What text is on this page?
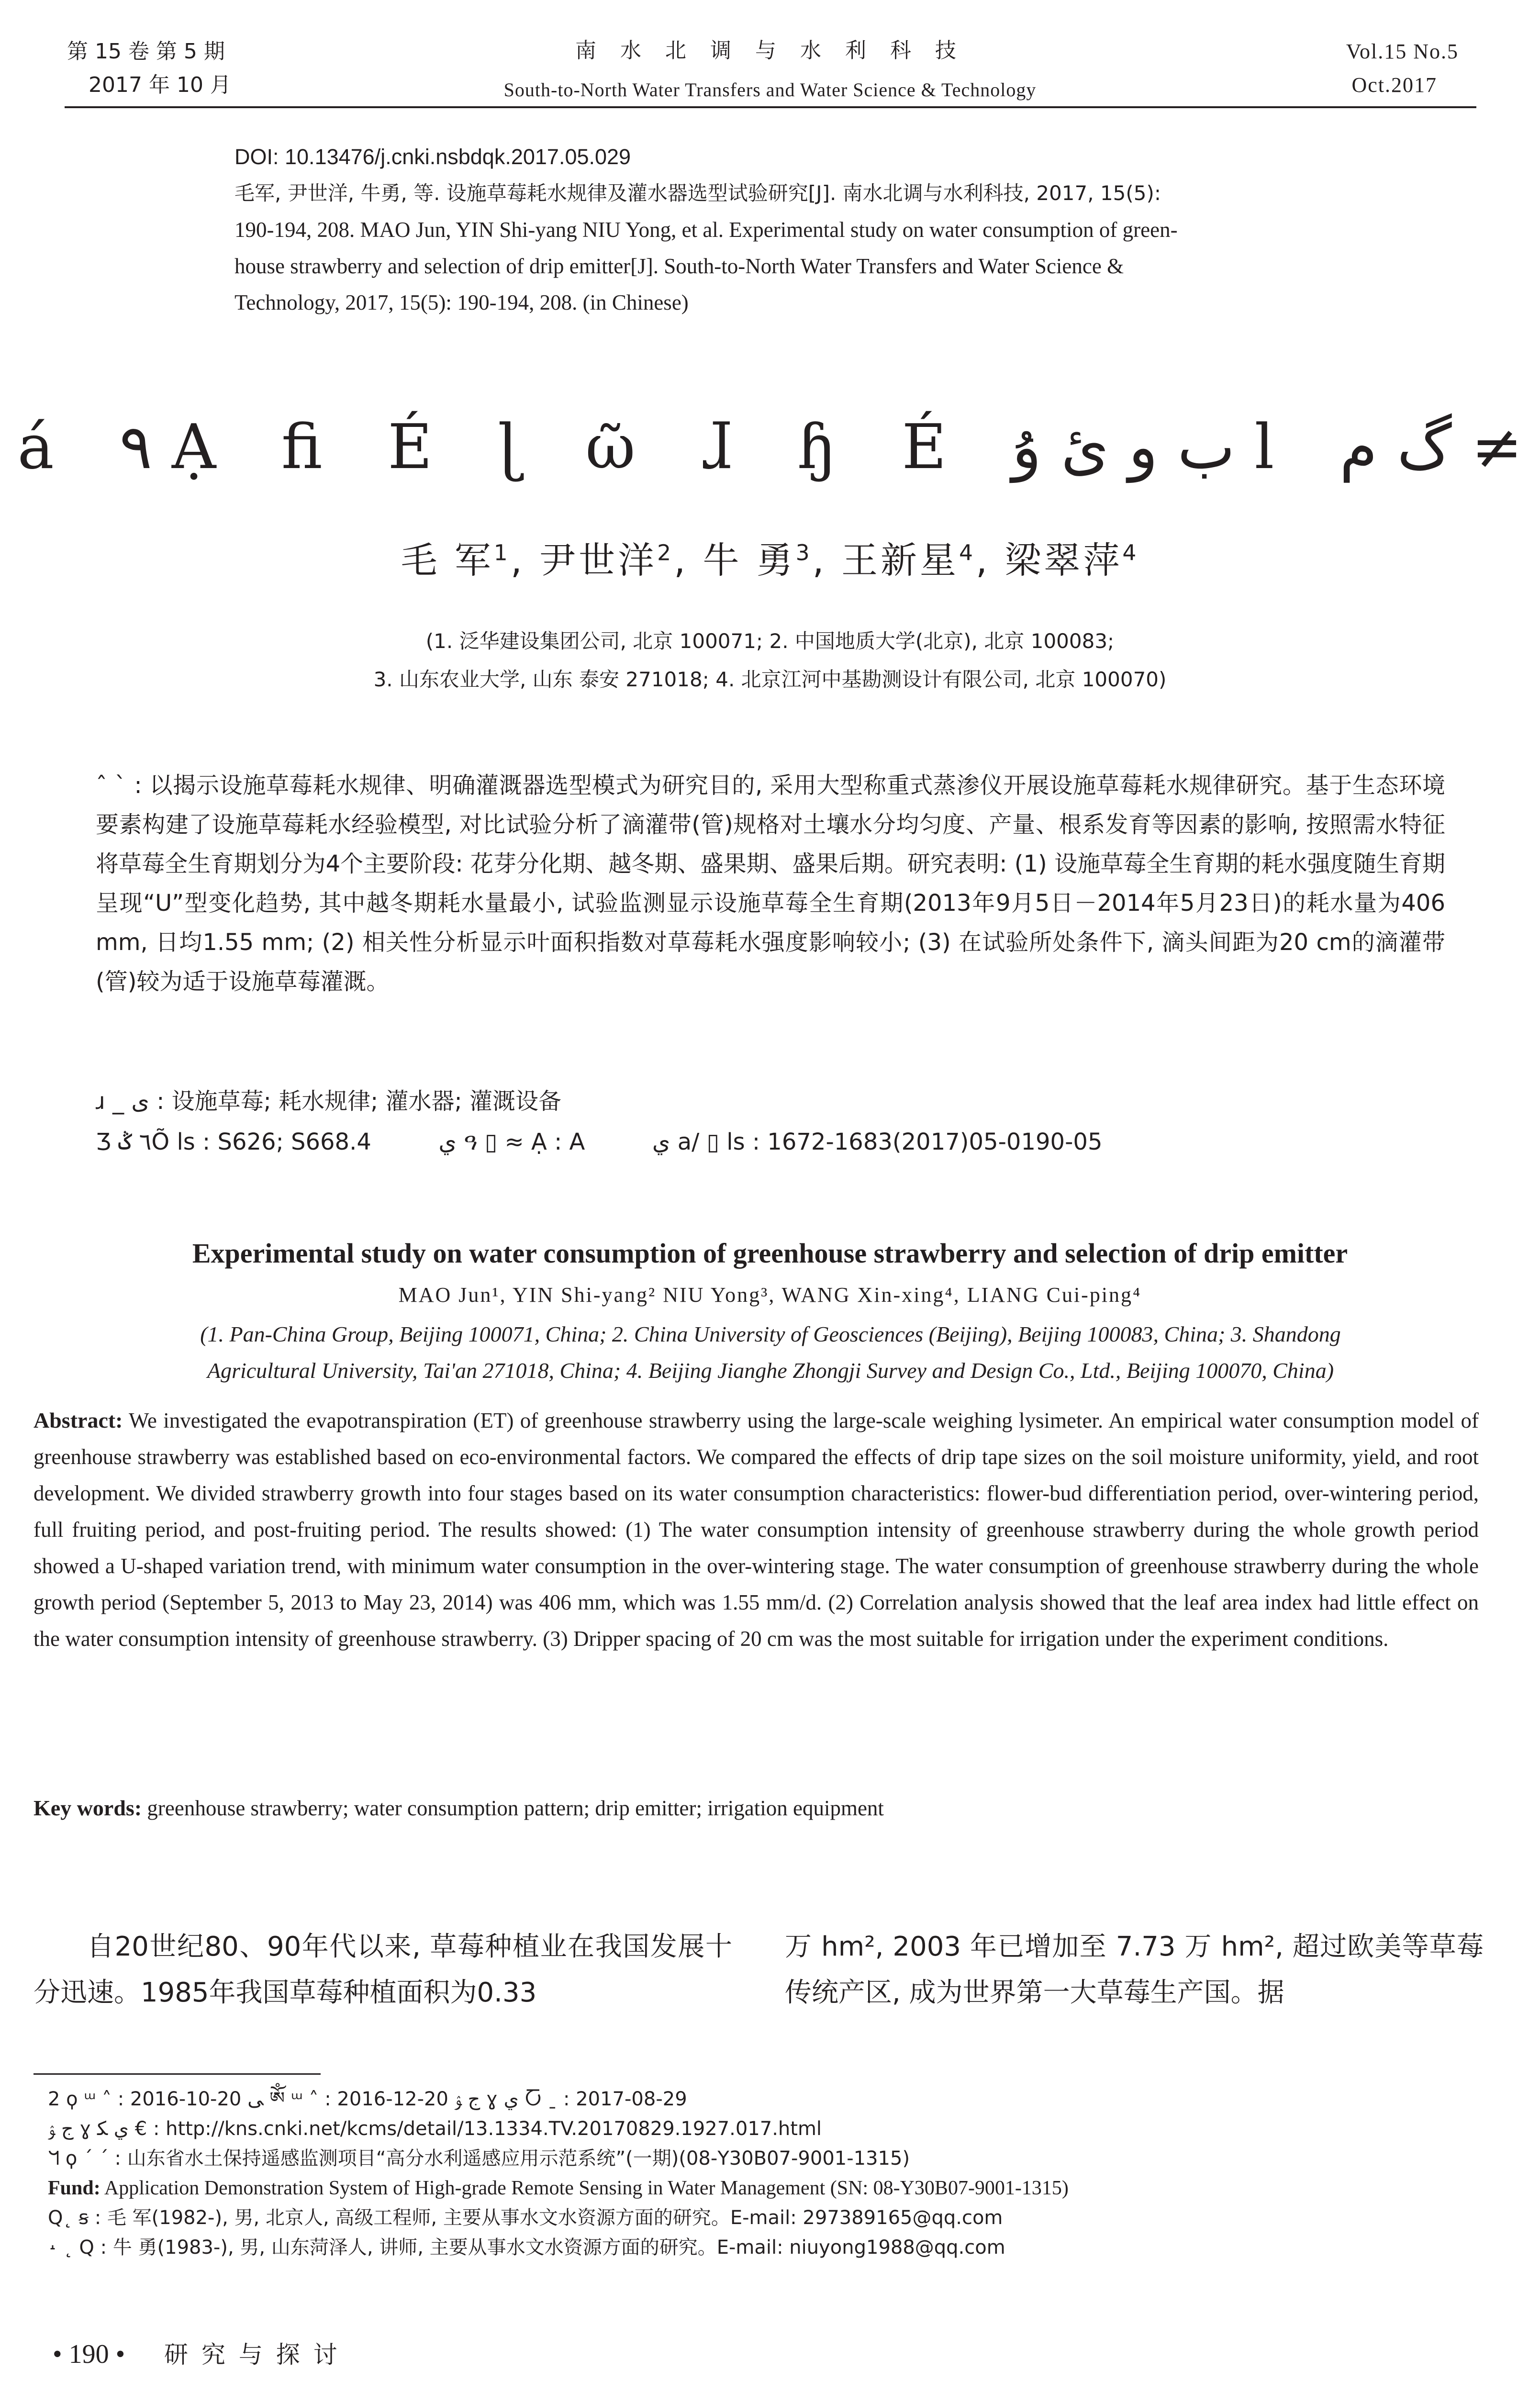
第 15 卷 第 5 期
2017 年 10 月
南 水 北 调 与 水 利 科 技
South-to-North Water Transfers and Water Science & Technology
Vol.15 No.5
Oct.2017
DOI: 10.13476/j.cnki.nsbdqk.2017.05.029
毛军, 尹世洋, 牛勇, 等. 设施草莓耗水规律及灌水器选型试验研究[J]. 南水北调与水利科技, 2017, 15(5):
190-194, 208. MAO Jun, YIN Shi-yang NIU Yong, et al. Experimental study on water consumption of green-
house strawberry and selection of drip emitter[J]. South-to-North Water Transfers and Water Science &
Technology, 2017, 15(5): 190-194, 208. (in Chinese)
á ٩ Ạ ﬁ É ɭ ῶ ɺ ɧ É ب و ئ ۇ l گ م ≠
毛 军$^1$, 尹世洋$^2$, 牛 勇$^3$, 王新星$^4$, 梁翠萍$^4$
(1. 泛华建设集团公司, 北京 100071; 2. 中国地质大学(北京), 北京 100083;
3. 山东农业大学, 山东 泰安 271018; 4. 北京江河中基勘测设计有限公司, 北京 100070)
ˆ ˋ : 以揭示设施草莓耗水规律、明确灌溉器选型模式为研究目的, 采用大型称重式蒸渗仪开展设施草莓耗水规律研究。基于生态环境要素构建了设施草莓耗水经验模型, 对比试验分析了滴灌带(管)规格对土壤水分均匀度、产量、根系发育等因素的影响, 按照需水特征将草莓全生育期划分为4个主要阶段: 花芽分化期、越冬期、盛果期、盛果后期。研究表明: (1) 设施草莓全生育期的耗水强度随生育期呈现“U”型变化趋势, 其中越冬期耗水量最小, 试验监测显示设施草莓全生育期(2013年9月5日－2014年5月23日)的耗水量为406 mm, 日均1.55 mm; (2) 相关性分析显示叶面积指数对草莓耗水强度影响较小; (3) 在试验所处条件下, 滴头间距为20 cm的滴灌带(管)较为适于设施草莓灌溉。
ɹ _ ﻯ : 设施草莓; 耗水规律; 灌水器; 灌溉设备
Ʒ ٦ ݣÕ ls : S626; S668.4	ي ዓ ▯ ≈ Ạ : A	ي a/ ▯ ls : 1672-1683(2017)05-0190-05
Experimental study on water consumption of greenhouse strawberry and selection of drip emitter
MAO Jun¹, YIN Shi-yang² NIU Yong³, WANG Xin-xing⁴, LIANG Cui-ping⁴
(1. Pan-China Group, Beijing 100071, China; 2. China University of Geosciences (Beijing), Beijing 100083, China; 3. Shandong
Agricultural University, Tai'an 271018, China; 4. Beijing Jianghe Zhongji Survey and Design Co., Ltd., Beijing 100070, China)
Abstract: We investigated the evapotranspiration (ET) of greenhouse strawberry using the large-scale weighing lysimeter. An empirical water consumption model of greenhouse strawberry was established based on eco-environmental factors. We compared the effects of drip tape sizes on the soil moisture uniformity, yield, and root development. We divided strawberry growth into four stages based on its water consumption characteristics: flower-bud differentiation period, over-wintering period, full fruiting period, and post-fruiting period. The results showed: (1) The water consumption intensity of greenhouse strawberry during the whole growth period showed a U-shaped variation trend, with minimum water consumption in the over-wintering stage. The water consumption of greenhouse strawberry during the whole growth period (September 5, 2013 to May 23, 2014) was 406 mm, which was 1.55 mm/d. (2) Correlation analysis showed that the leaf area index had little effect on the water consumption intensity of greenhouse strawberry. (3) Dripper spacing of 20 cm was the most suitable for irrigation under the experiment conditions.
Key words: greenhouse strawberry; water consumption pattern; drip emitter; irrigation equipment
自20世纪80、90年代以来, 草莓种植业在我国发展十分迅速。1985年我国草莓种植面积为0.33
万 hm², 2003 年已增加至 7.73 万 hm², 超过欧美等草莓传统产区, 成为世界第一大草莓生产国。据
2 ϙ ᵚ ˄ : 2016-10-20 ﻰ ༀ ᵚ ˄ : 2016-12-20 ج ﯣ ɣ ي Ⴀ ˍ : 2017-08-29
ج ﯣ ɣ ي ﻜ € : http://kns.cnki.net/kcms/detail/13.1334.TV.20170829.1927.017.html
ᖻ ϙ ˊ ˊ : 山东省水土保持遥感监测项目“高分水利遥感应用示范系统”(一期)(08-Y30B07-9001-1315)
Fund: Application Demonstration System of High-grade Remote Sensing in Water Management (SN: 08-Y30B07-9001-1315)
Q˛ ꞩ : 毛 军(1982-), 男, 北京人, 高级工程师, 主要从事水文水资源方面的研究。E-mail: 297389165@qq.com
˔ ˛ Q : 牛 勇(1983-), 男, 山东菏泽人, 讲师, 主要从事水文水资源方面的研究。E-mail: niuyong1988@qq.com
• 190 • 研 究 与 探 讨
